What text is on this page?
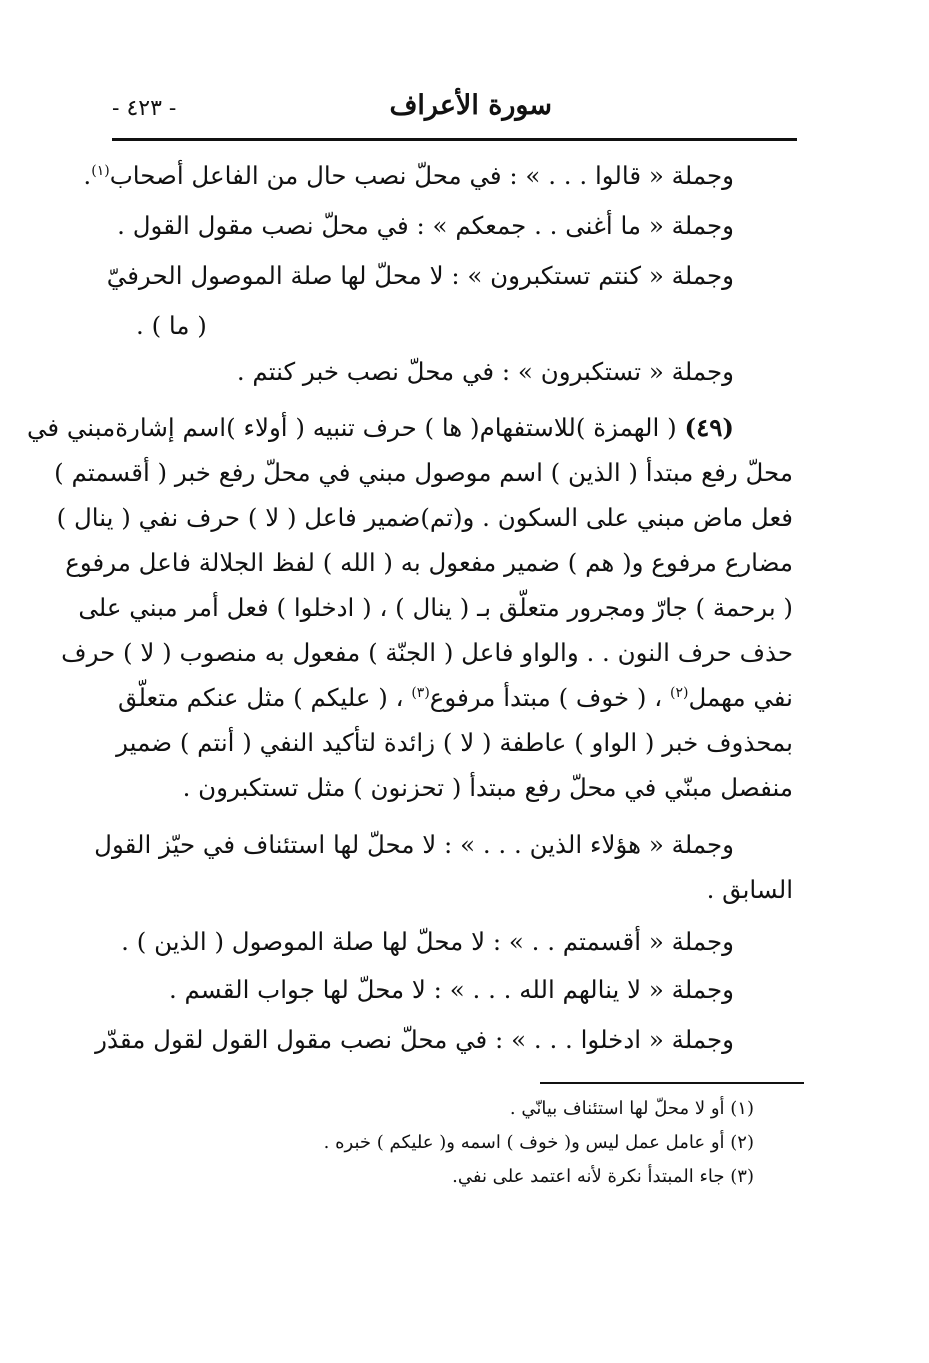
سورة الأعراف
- ٤٢٣ -
وجملة « قالوا . . . » : في محلّ نصب حال من الفاعل أصحاب$^{(١)}$.
وجملة « ما أغنى . . جمعكم » : في محلّ نصب مقول القول .
وجملة « كنتم تستكبرون » : لا محلّ لها صلة الموصول الحرفيّ
( ما ) .
وجملة « تستكبرون » : في محلّ نصب خبر كنتم .
(٤٩) ( الهمزة )للاستفهام( ها ) حرف تنبيه ( أولاء )اسم إشارةمبني في
محلّ رفع مبتدأ ( الذين ) اسم موصول مبني في محلّ رفع خبر ( أقسمتم )
فعل ماض مبني على السكون . و(تم)ضمير فاعل ( لا ) حرف نفي ( ينال )
مضارع مرفوع و( هم ) ضمير مفعول به ( الله ) لفظ الجلالة فاعل مرفوع
( برحمة ) جارّ ومجرور متعلّق بـ ( ينال ) ، ( ادخلوا ) فعل أمر مبني على
حذف حرف النون . . والواو فاعل ( الجنّة ) مفعول به منصوب ( لا ) حرف
نفي مهمل$^{(٢)}$ ، ( خوف ) مبتدأ مرفوع$^{(٣)}$ ، ( عليكم ) مثل عنكم متعلّق
بمحذوف خبر ( الواو ) عاطفة ( لا ) زائدة لتأكيد النفي ( أنتم ) ضمير
منفصل مبنّي في محلّ رفع مبتدأ ( تحزنون ) مثل تستكبرون .
وجملة « هؤلاء الذين . . . » : لا محلّ لها استئناف في حيّز القول
السابق .
وجملة « أقسمتم . . » : لا محلّ لها صلة الموصول ( الذين ) .
وجملة « لا ينالهم الله . . . » : لا محلّ لها جواب القسم .
وجملة « ادخلوا . . . » : في محلّ نصب مقول القول لقول مقدّر
(١) أو لا محلّ لها استئناف بيانّي .
(٢) أو عامل عمل ليس و( خوف ) اسمه و( عليكم ) خبره .
(٣) جاء المبتدأ نكرة لأنه اعتمد على نفي.
